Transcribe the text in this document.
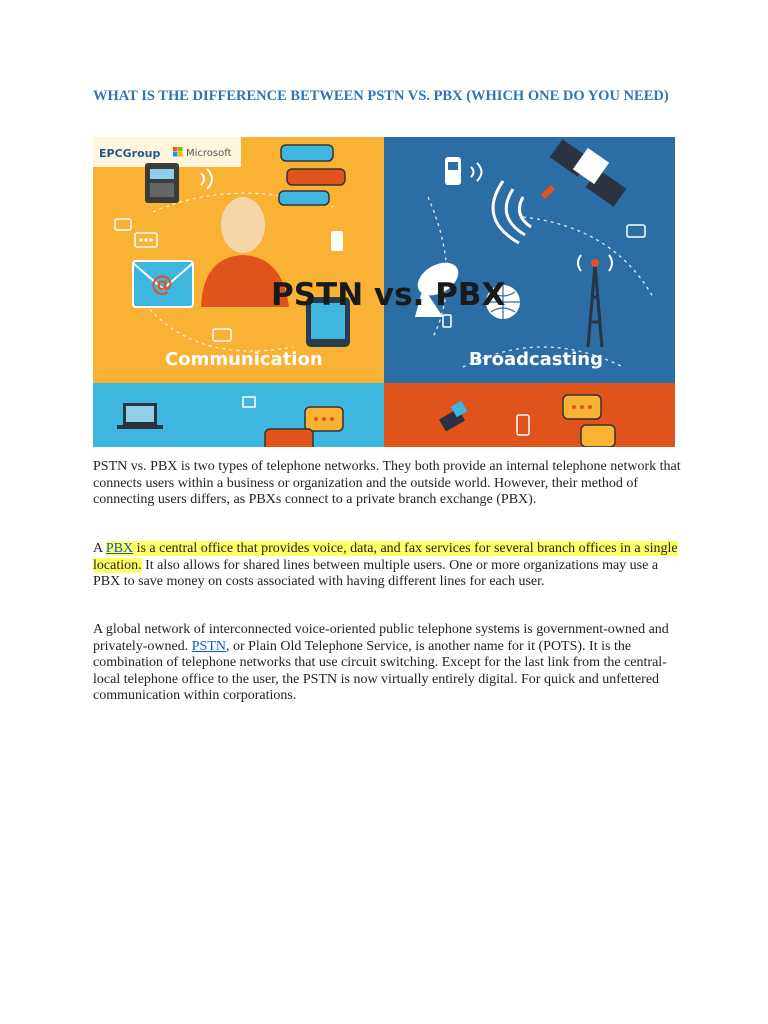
WHAT IS THE DIFFERENCE BETWEEN PSTN VS. PBX (WHICH ONE DO YOU NEED)
EPCGroup	Microsoft
@	PSTN vs. PBX
Communication	Broadcasting

PSTN vs. PBX is two types of telephone networks. They both provide an internal telephone network that connects users within a business or organization and the outside world. However, their method of connecting users differs, as PBXs connect to a private branch exchange (PBX).

A PBX is a central office that provides voice, data, and fax services for several branch offices in a single location. It also allows for shared lines between multiple users. One or more organizations may use a PBX to save money on costs associated with having different lines for each user.

A global network of interconnected voice-oriented public telephone systems is government-owned and privately-owned. PSTN, or Plain Old Telephone Service, is another name for it (POTS). It is the combination of telephone networks that use circuit switching. Except for the last link from the central-local telephone office to the user, the PSTN is now virtually entirely digital. For quick and unfettered communication within corporations.
